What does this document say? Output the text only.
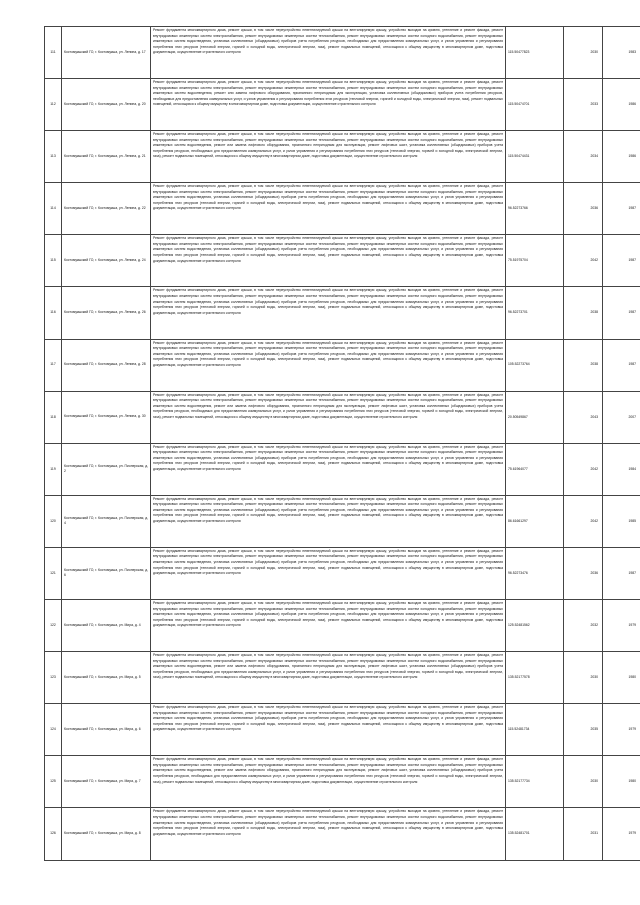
111	Костомукшский ГО, г. Костомукша, ул. Ленина, д. 17	Ремонт фундамента многоквартирного дома, ремонт крыши, в том числе переустройство невентилируемой крыши на вентилируемую крышу, устройство выходов на кровлю, утепление и ремонт фасада, ремонт внутридомовых инженерных систем электроснабжения, ремонт внутридомовых инженерных систем теплоснабжения, ремонт внутридомовых инженерных систем холодного водоснабжения, ремонт внутридомовых инженерных систем водоотведения, установка коллективных (общедомовых) приборов учета потребления ресурсов, необходимых для предоставления коммунальных услуг, и узлов управления и регулирования потребления этих ресурсов (тепловой энергии, горячей и холодной воды, электрической энергии, газа), ремонт подвальных помещений, относящихся к общему имуществу в многоквартирном доме, подготовка документации, осуществление строительного контроля	115.50477823	2030	1983
112	Костомукшский ГО, г. Костомукша, ул. Ленина, д. 20	Ремонт фундамента многоквартирного дома, ремонт крыши, в том числе переустройство невентилируемой крыши на вентилируемую крышу, устройство выходов на кровлю, утепление и ремонт фасада, ремонт внутридомовых инженерных систем электроснабжения, ремонт внутридомовых инженерных систем теплоснабжения, ремонт внутридомовых инженерных систем холодного водоснабжения, ремонт внутридомовых инженерных систем водоотведения, ремонт или замена лифтового оборудования, признанного непригодным для эксплуатации, установка коллективных (общедомовых) приборов учета потребления ресурсов, необходимых для предоставления коммунальных услуг, и узлов управления и регулирования потребления этих ресурсов (тепловой энергии, горячей и холодной воды, электрической энергии, газа), ремонт подвальных помещений, относящихся к общему имуществу в многоквартирном доме, подготовка документации, осуществление строительного контроля	115.50474701	2033	1986
113	Костомукшский ГО, г. Костомукша, ул. Ленина, д. 21	Ремонт фундамента многоквартирного дома, ремонт крыши, в том числе переустройство невентилируемой крыши на вентилируемую крышу, устройство выходов на кровлю, утепление и ремонт фасада, ремонт внутридомовых инженерных систем электроснабжения, ремонт внутридомовых инженерных систем теплоснабжения, ремонт внутридомовых инженерных систем холодного водоснабжения, ремонт внутридомовых инженерных систем водоотведения, ремонт или замена лифтового оборудования, признанного непригодным для эксплуатации, ремонт лифтовых шахт, установка коллективных (общедомовых) приборов учета потребления ресурсов, необходимых для предоставления коммунальных услуг, и узлов управления и регулирования потребления этих ресурсов (тепловой энергии, горячей и холодной воды, электрической энергии, газа), ремонт подвальных помещений, относящихся к общему имуществу в многоквартирном доме, подготовка документации, осуществление строительного контроля	115.50474431	2034	1986
114	Костомукшский ГО, г. Костомукша, ул. Ленина, д. 22	Ремонт фундамента многоквартирного дома, ремонт крыши, в том числе переустройство невентилируемой крыши на вентилируемую крышу, устройство выходов на кровлю, утепление и ремонт фасада, ремонт внутридомовых инженерных систем электроснабжения, ремонт внутридомовых инженерных систем теплоснабжения, ремонт внутридомовых инженерных систем холодного водоснабжения, ремонт внутридомовых инженерных систем водоотведения, установка коллективных (общедомовых) приборов учета потребления ресурсов, необходимых для предоставления коммунальных услуг, и узлов управления и регулирования потребления этих ресурсов (тепловой энергии, горячей и холодной воды, электрической энергии, газа), ремонт подвальных помещений, относящихся к общему имуществу в многоквартирном доме, подготовка документации, осуществление строительного контроля	96.52273766	2036	1987
115	Костомукшский ГО, г. Костомукша, ул. Ленина, д. 24	Ремонт фундамента многоквартирного дома, ремонт крыши, в том числе переустройство невентилируемой крыши на вентилируемую крышу, устройство выходов на кровлю, утепление и ремонт фасада, ремонт внутридомовых инженерных систем электроснабжения, ремонт внутридомовых инженерных систем теплоснабжения, ремонт внутридомовых инженерных систем холодного водоснабжения, ремонт внутридомовых инженерных систем водоотведения, установка коллективных (общедомовых) приборов учета потребления ресурсов, необходимых для предоставления коммунальных услуг, и узлов управления и регулирования потребления этих ресурсов (тепловой энергии, горячей и холодной воды, электрической энергии, газа), ремонт подвальных помещений, относящихся к общему имуществу в многоквартирном доме, подготовка документации, осуществление строительного контроля	75.51975704	2042	1987
116	Костомукшский ГО, г. Костомукша, ул. Ленина, д. 26	Ремонт фундамента многоквартирного дома, ремонт крыши, в том числе переустройство невентилируемой крыши на вентилируемую крышу, устройство выходов на кровлю, утепление и ремонт фасада, ремонт внутридомовых инженерных систем электроснабжения, ремонт внутридомовых инженерных систем теплоснабжения, ремонт внутридомовых инженерных систем холодного водоснабжения, ремонт внутридомовых инженерных систем водоотведения, установка коллективных (общедомовых) приборов учета потребления ресурсов, необходимых для предоставления коммунальных услуг, и узлов управления и регулирования потребления этих ресурсов (тепловой энергии, горячей и холодной воды, электрической энергии, газа), ремонт подвальных помещений, относящихся к общему имуществу в многоквартирном доме, подготовка документации, осуществление строительного контроля	96.52273701	2038	1987
117	Костомукшский ГО, г. Костомукша, ул. Ленина, д. 28	Ремонт фундамента многоквартирного дома, ремонт крыши, в том числе переустройство невентилируемой крыши на вентилируемую крышу, устройство выходов на кровлю, утепление и ремонт фасада, ремонт внутридомовых инженерных систем электроснабжения, ремонт внутридомовых инженерных систем теплоснабжения, ремонт внутридомовых инженерных систем холодного водоснабжения, ремонт внутридомовых инженерных систем водоотведения, установка коллективных (общедомовых) приборов учета потребления ресурсов, необходимых для предоставления коммунальных услуг, и узлов управления и регулирования потребления этих ресурсов (тепловой энергии, горячей и холодной воды, электрической энергии, газа), ремонт подвальных помещений, относящихся к общему имуществу в многоквартирном доме, подготовка документации, осуществление строительного контроля	105.52273764	2038	1987
118	Костомукшский ГО, г. Костомукша, ул. Ленина, д. 30	Ремонт фундамента многоквартирного дома, ремонт крыши, в том числе переустройство невентилируемой крыши на вентилируемую крышу, устройство выходов на кровлю, утепление и ремонт фасада, ремонт внутридомовых инженерных систем электроснабжения, ремонт внутридомовых инженерных систем теплоснабжения, ремонт внутридомовых инженерных систем холодного водоснабжения, ремонт внутридомовых инженерных систем водоотведения, ремонт или замена лифтового оборудования, признанного непригодным для эксплуатации, ремонт лифтовых шахт, установка коллективных (общедомовых) приборов учета потребления ресурсов, необходимых для предоставления коммунальных услуг, и узлов управления и регулирования потребления этих ресурсов (тепловой энергии, горячей и холодной воды, электрической энергии, газа), ремонт подвальных помещений, относящихся к общему имуществу в многоквартирном доме, подготовка документации, осуществление строительного контроля	20.50549867	2043	2007
119	Костомукшский ГО, г. Костомукша, ул. Пионерская, д. 2	Ремонт фундамента многоквартирного дома, ремонт крыши, в том числе переустройство невентилируемой крыши на вентилируемую крышу, устройство выходов на кровлю, утепление и ремонт фасада, ремонт внутридомовых инженерных систем электроснабжения, ремонт внутридомовых инженерных систем теплоснабжения, ремонт внутридомовых инженерных систем холодного водоснабжения, ремонт внутридомовых инженерных систем водоотведения, установка коллективных (общедомовых) приборов учета потребления ресурсов, необходимых для предоставления коммунальных услуг, и узлов управления и регулирования потребления этих ресурсов (тепловой энергии, горячей и холодной воды, электрической энергии, газа), ремонт подвальных помещений, относящихся к общему имуществу в многоквартирном доме, подготовка документации, осуществление строительного контроля	75.61964077	2042	1984
120	Костомукшский ГО, г. Костомукша, ул. Пионерская, д. 4	Ремонт фундамента многоквартирного дома, ремонт крыши, в том числе переустройство невентилируемой крыши на вентилируемую крышу, устройство выходов на кровлю, утепление и ремонт фасада, ремонт внутридомовых инженерных систем электроснабжения, ремонт внутридомовых инженерных систем теплоснабжения, ремонт внутридомовых инженерных систем холодного водоснабжения, ремонт внутридомовых инженерных систем водоотведения, установка коллективных (общедомовых) приборов учета потребления ресурсов, необходимых для предоставления коммунальных услуг, и узлов управления и регулирования потребления этих ресурсов (тепловой энергии, горячей и холодной воды, электрической энергии, газа), ремонт подвальных помещений, относящихся к общему имуществу в многоквартирном доме, подготовка документации, осуществление строительного контроля	86.61661297	2042	1985
121	Костомукшский ГО, г. Костомукша, ул. Пионерская, д. 6	Ремонт фундамента многоквартирного дома, ремонт крыши, в том числе переустройство невентилируемой крыши на вентилируемую крышу, устройство выходов на кровлю, утепление и ремонт фасада, ремонт внутридомовых инженерных систем электроснабжения, ремонт внутридомовых инженерных систем теплоснабжения, ремонт внутридомовых инженерных систем холодного водоснабжения, ремонт внутридомовых инженерных систем водоотведения, установка коллективных (общедомовых) приборов учета потребления ресурсов, необходимых для предоставления коммунальных услуг, и узлов управления и регулирования потребления этих ресурсов (тепловой энергии, горячей и холодной воды, электрической энергии, газа), ремонт подвальных помещений, относящихся к общему имуществу в многоквартирном доме, подготовка документации, осуществление строительного контроля	96.52273476	2036	1987
122	Костомукшский ГО, г. Костомукша, ул. Мира, д. 4	Ремонт фундамента многоквартирного дома, ремонт крыши, в том числе переустройство невентилируемой крыши на вентилируемую крышу, устройство выходов на кровлю, утепление и ремонт фасада, ремонт внутридомовых инженерных систем электроснабжения, ремонт внутридомовых инженерных систем теплоснабжения, ремонт внутридомовых инженерных систем холодного водоснабжения, ремонт внутридомовых инженерных систем водоотведения, установка коллективных (общедомовых) приборов учета потребления ресурсов, необходимых для предоставления коммунальных услуг, и узлов управления и регулирования потребления этих ресурсов (тепловой энергии, горячей и холодной воды, электрической энергии, газа), ремонт подвальных помещений, относящихся к общему имуществу в многоквартирном доме, подготовка документации, осуществление строительного контроля	125.52481562	2032	1979
123	Костомукшский ГО, г. Костомукша, ул. Мира, д. 5	Ремонт фундамента многоквартирного дома, ремонт крыши, в том числе переустройство невентилируемой крыши на вентилируемую крышу, устройство выходов на кровлю, утепление и ремонт фасада, ремонт внутридомовых инженерных систем электроснабжения, ремонт внутридомовых инженерных систем теплоснабжения, ремонт внутридомовых инженерных систем холодного водоснабжения, ремонт внутридомовых инженерных систем водоотведения, ремонт или замена лифтового оборудования, признанного непригодным для эксплуатации, ремонт лифтовых шахт, установка коллективных (общедомовых) приборов учета потребления ресурсов, необходимых для предоставления коммунальных услуг, и узлов управления и регулирования потребления этих ресурсов (тепловой энергии, горячей и холодной воды, электрической энергии, газа), ремонт подвальных помещений, относящихся к общему имуществу в многоквартирном доме, подготовка документации, осуществление строительного контроля	135.52177578	2030	1980
124	Костомукшский ГО, г. Костомукша, ул. Мира, д. 6	Ремонт фундамента многоквартирного дома, ремонт крыши, в том числе переустройство невентилируемой крыши на вентилируемую крышу, устройство выходов на кровлю, утепление и ремонт фасада, ремонт внутридомовых инженерных систем электроснабжения, ремонт внутридомовых инженерных систем теплоснабжения, ремонт внутридомовых инженерных систем холодного водоснабжения, ремонт внутридомовых инженерных систем водоотведения, установка коллективных (общедомовых) приборов учета потребления ресурсов, необходимых для предоставления коммунальных услуг, и узлов управления и регулирования потребления этих ресурсов (тепловой энергии, горячей и холодной воды, электрической энергии, газа), ремонт подвальных помещений, относящихся к общему имуществу в многоквартирном доме, подготовка документации, осуществление строительного контроля	115.52481734	2035	1979
125	Костомукшский ГО, г. Костомукша, ул. Мира, д. 7	Ремонт фундамента многоквартирного дома, ремонт крыши, в том числе переустройство невентилируемой крыши на вентилируемую крышу, устройство выходов на кровлю, утепление и ремонт фасада, ремонт внутридомовых инженерных систем электроснабжения, ремонт внутридомовых инженерных систем теплоснабжения, ремонт внутридомовых инженерных систем холодного водоснабжения, ремонт внутридомовых инженерных систем водоотведения, ремонт или замена лифтового оборудования, признанного непригодным для эксплуатации, ремонт лифтовых шахт, установка коллективных (общедомовых) приборов учета потребления ресурсов, необходимых для предоставления коммунальных услуг, и узлов управления и регулирования потребления этих ресурсов (тепловой энергии, горячей и холодной воды, электрической энергии, газа), ремонт подвальных помещений, относящихся к общему имуществу в многоквартирном доме, подготовка документации, осуществление строительного контроля	135.52177734	2030	1980
126	Костомукшский ГО, г. Костомукша, ул. Мира, д. 8	Ремонт фундамента многоквартирного дома, ремонт крыши, в том числе переустройство невентилируемой крыши на вентилируемую крышу, устройство выходов на кровлю, утепление и ремонт фасада, ремонт внутридомовых инженерных систем электроснабжения, ремонт внутридомовых инженерных систем теплоснабжения, ремонт внутридомовых инженерных систем холодного водоснабжения, ремонт внутридомовых инженерных систем водоотведения, установка коллективных (общедомовых) приборов учета потребления ресурсов, необходимых для предоставления коммунальных услуг, и узлов управления и регулирования потребления этих ресурсов (тепловой энергии, горячей и холодной воды, электрической энергии, газа), ремонт подвальных помещений, относящихся к общему имуществу в многоквартирном доме, подготовка документации, осуществление строительного контроля	135.52481701	2031	1979
